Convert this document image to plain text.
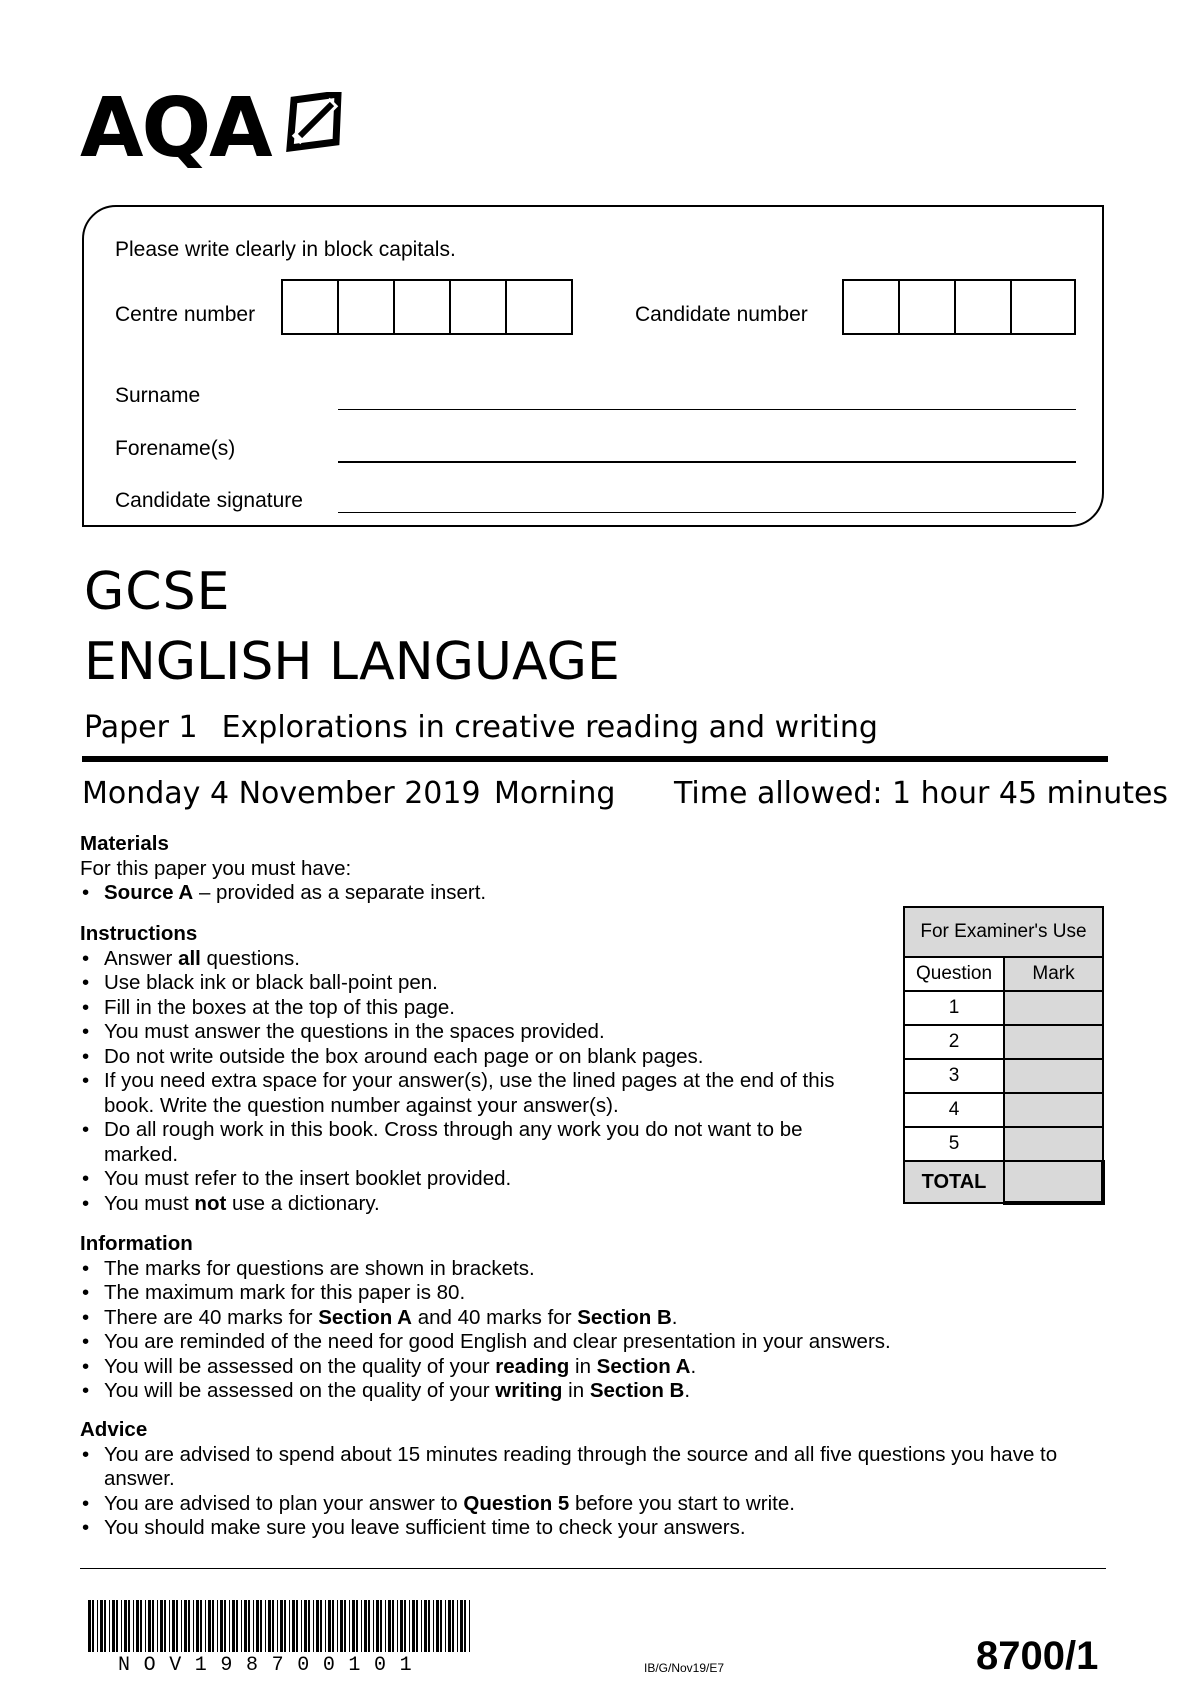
AQA
Please write clearly in block capitals.
Centre number	Candidate number
Surname
Forename(s)
Candidate signature
GCSE
ENGLISH LANGUAGE
Paper 1 Explorations in creative reading and writing
Monday 4 November 2019 Morning Time allowed: 1 hour 45 minutes
Materials
For this paper you must have:
• Source A – provided as a separate insert.
Instructions
• Answer all questions.
• Use black ink or black ball-point pen.
• Fill in the boxes at the top of this page.
• You must answer the questions in the spaces provided.
• Do not write outside the box around each page or on blank pages.
• If you need extra space for your answer(s), use the lined pages at the end of this book. Write the question number against your answer(s).
• Do all rough work in this book. Cross through any work you do not want to be marked.
• You must refer to the insert booklet provided.
• You must not use a dictionary.
For Examiner's Use	
Question	Mark
1	
2	
3	
4	
5	
TOTAL	
Information
• The marks for questions are shown in brackets.
• The maximum mark for this paper is 80.
• There are 40 marks for Section A and 40 marks for Section B.
• You are reminded of the need for good English and clear presentation in your answers.
• You will be assessed on the quality of your reading in Section A.
• You will be assessed on the quality of your writing in Section B.
Advice
• You are advised to spend about 15 minutes reading through the source and all five questions you have to answer.
• You are advised to plan your answer to Question 5 before you start to write.
• You should make sure you leave sufficient time to check your answers.
NOV198700101	IB/G/Nov19/E7	8700/1
